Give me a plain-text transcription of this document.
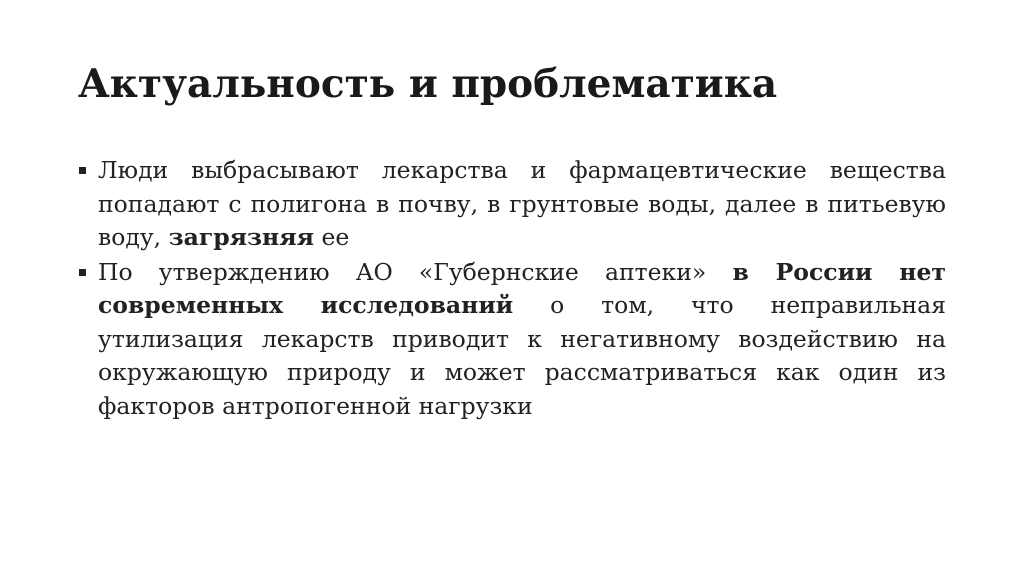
Актуальность и проблематика
Люди выбрасывают лекарства и фармацевтические вещества попадают с полигона в почву, в грунтовые воды, далее в питьевую воду, загрязняя ее
По утверждению АО «Губернские аптеки» в России нет современных исследований о том, что неправильная утилизация лекарств приводит к негативному воздействию на окружающую природу и может рассматриваться как один из факторов антропогенной нагрузки
